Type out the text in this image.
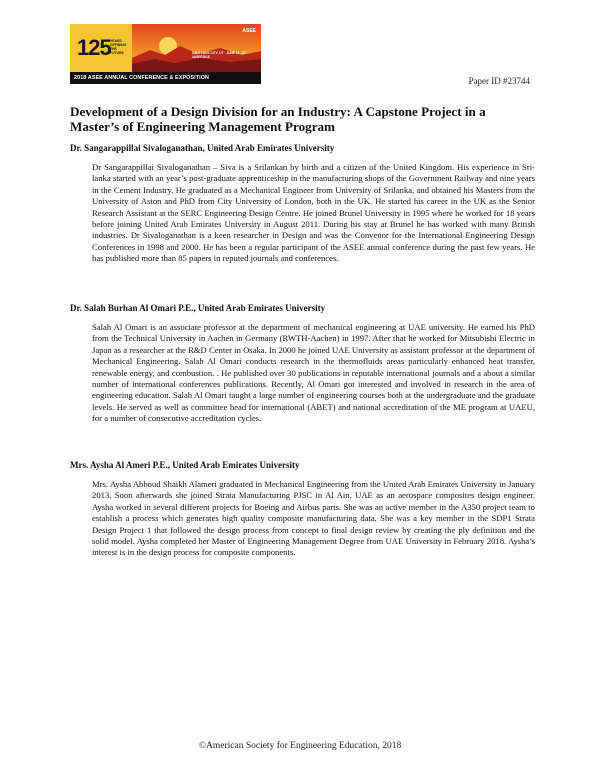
125 YEARS DEFINING THE FUTURE
ASEE
SALT LAKE CITY, UT · JUNE 24 - 27 · #ASEE2018
2018 ASEE ANNUAL CONFERENCE & EXPOSITION	Paper ID #23744
Development of a Design Division for an Industry: A Capstone Project in a Master’s of Engineering Management Program

Dr. Sangarappillai Sivaloganathan, United Arab Emirates University

Dr Sangarappillai Sivaloganathan – Siva is a Srilankan by birth and a citizen of the United Kingdom. His experience in Sri-lanka started with an year’s post-graduate apprenticeship in the manufacturing shops of the Government Railway and nine years in the Cement Industry. He graduated as a Mechanical Engineer from University of Srilanka, and obtained his Masters from the University of Aston and PhD from City University of London, both in the UK. He started his career in the UK as the Senior Research Assistant at the SERC Engineering Design Centre. He joined Brunel University in 1995 where he worked for 18 years before joining United Arab Emirates University in August 2011. During his stay at Brunel he has worked with many British industries. Dr Sivaloganathan is a keen researcher in Design and was the Convenor for the International Engineering Design Conferences in 1998 and 2000. He has been a regular participant of the ASEE annual conference during the past few years. He has published more than 85 papers in reputed journals and conferences.

Dr. Salah Burhan Al Omari P.E., United Arab Emirates University

Salah Al Omari is an associate professor at the department of mechanical engineering at UAE university. He earned his PhD from the Technical University in Aachen in Germany (RWTH-Aachen) in 1997. After that he worked for Mitsubishi Electric in Japan as a researcher at the R&D Center in Osaka. In 2000 he joined UAE University as assistant professor at the department of Mechanical Engineering. Salah Al Omari conducts research in the thermofluids areas particularly enhanced heat transfer, renewable energy, and combustion. . He published over 30 publications in reputable international journals and a about a similar number of international conferences publications. Recently, Al Omari got interested and involved in research in the area of engineering education. Salah Al Omari taught a large number of engineering courses both at the undergraduate and the graduate levels. He served as well as committee head for international (ABET) and national accreditation of the ME program at UAEU, for a number of consecutive accreditation cycles.

Mrs. Aysha Al Ameri P.E., United Arab Emirates University

Mrs. Aysha Abboud Shaikh Alameri graduated in Mechanical Engineering from the United Arab Emirates University in January 2013. Soon afterwards she joined Strata Manufacturing PJSC in Al Ain, UAE as an aerospace composites design engineer. Aysha worked in several different projects for Boeing and Airbus parts. She was an active member in the A350 project team to establish a process which generates high quality composite manufacturing data. She was a key member in the SDP1 Strata Design Project 1 that followed the design process from concept to final design review by creating the ply definition and the solid model. Aysha completed her Master of Engineering Management Degree from UAE University in February 2018. Aysha’s interest is in the design process for composite components.

©American Society for Engineering Education, 2018
